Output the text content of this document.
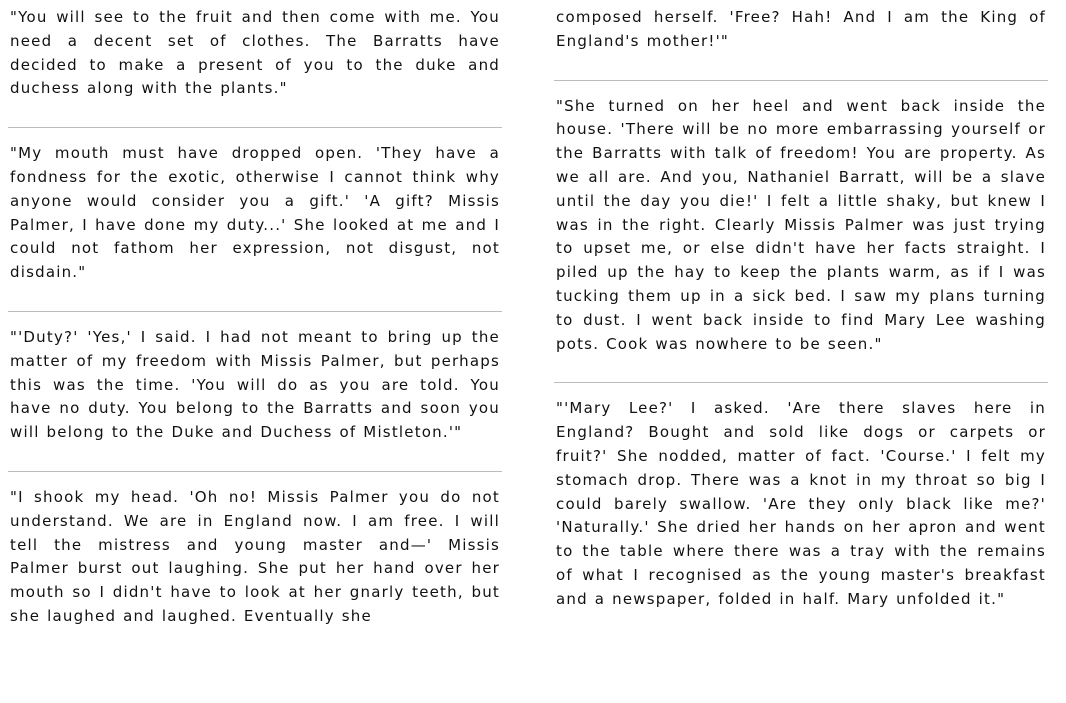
"You will see to the fruit and then come with me. You need a decent set of clothes. The Barratts have decided to make a present of you to the duke and duchess along with the plants."

"My mouth must have dropped open. 'They have a fondness for the exotic, otherwise I cannot think why anyone would consider you a gift.' 'A gift? Missis Palmer, I have done my duty...' She looked at me and I could not fathom her expression, not disgust, not disdain."

"'Duty?' 'Yes,' I said. I had not meant to bring up the matter of my freedom with Missis Palmer, but perhaps this was the time. 'You will do as you are told. You have no duty. You belong to the Barratts and soon you will belong to the Duke and Duchess of Mistleton.'"

"I shook my head. 'Oh no! Missis Palmer you do not understand. We are in England now. I am free. I will tell the mistress and young master and—' Missis Palmer burst out laughing. She put her hand over her mouth so I didn't have to look at her gnarly teeth, but she laughed and laughed. Eventually she

composed herself. 'Free? Hah! And I am the King of England's mother!'"

"She turned on her heel and went back inside the house. 'There will be no more embarrassing yourself or the Barratts with talk of freedom! You are property. As we all are. And you, Nathaniel Barratt, will be a slave until the day you die!' I felt a little shaky, but knew I was in the right. Clearly Missis Palmer was just trying to upset me, or else didn't have her facts straight. I piled up the hay to keep the plants warm, as if I was tucking them up in a sick bed. I saw my plans turning to dust. I went back inside to find Mary Lee washing pots. Cook was nowhere to be seen."

"'Mary Lee?' I asked. 'Are there slaves here in England? Bought and sold like dogs or carpets or fruit?' She nodded, matter of fact. 'Course.' I felt my stomach drop. There was a knot in my throat so big I could barely swallow. 'Are they only black like me?' 'Naturally.' She dried her hands on her apron and went to the table where there was a tray with the remains of what I recognised as the young master's breakfast and a newspaper, folded in half. Mary unfolded it."
